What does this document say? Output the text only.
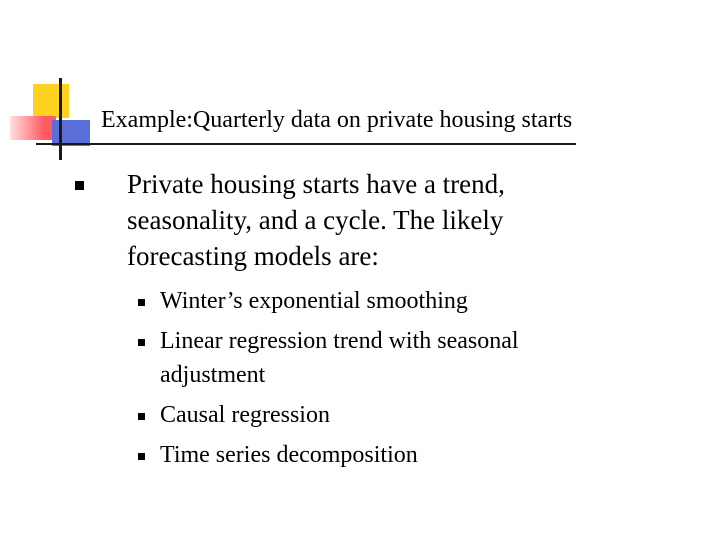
Example:Quarterly data on private housing starts
Private housing starts have a trend, seasonality, and a cycle. The likely forecasting models are:
Winter’s exponential smoothing
Linear regression trend with seasonal adjustment
Causal regression
Time series decomposition
